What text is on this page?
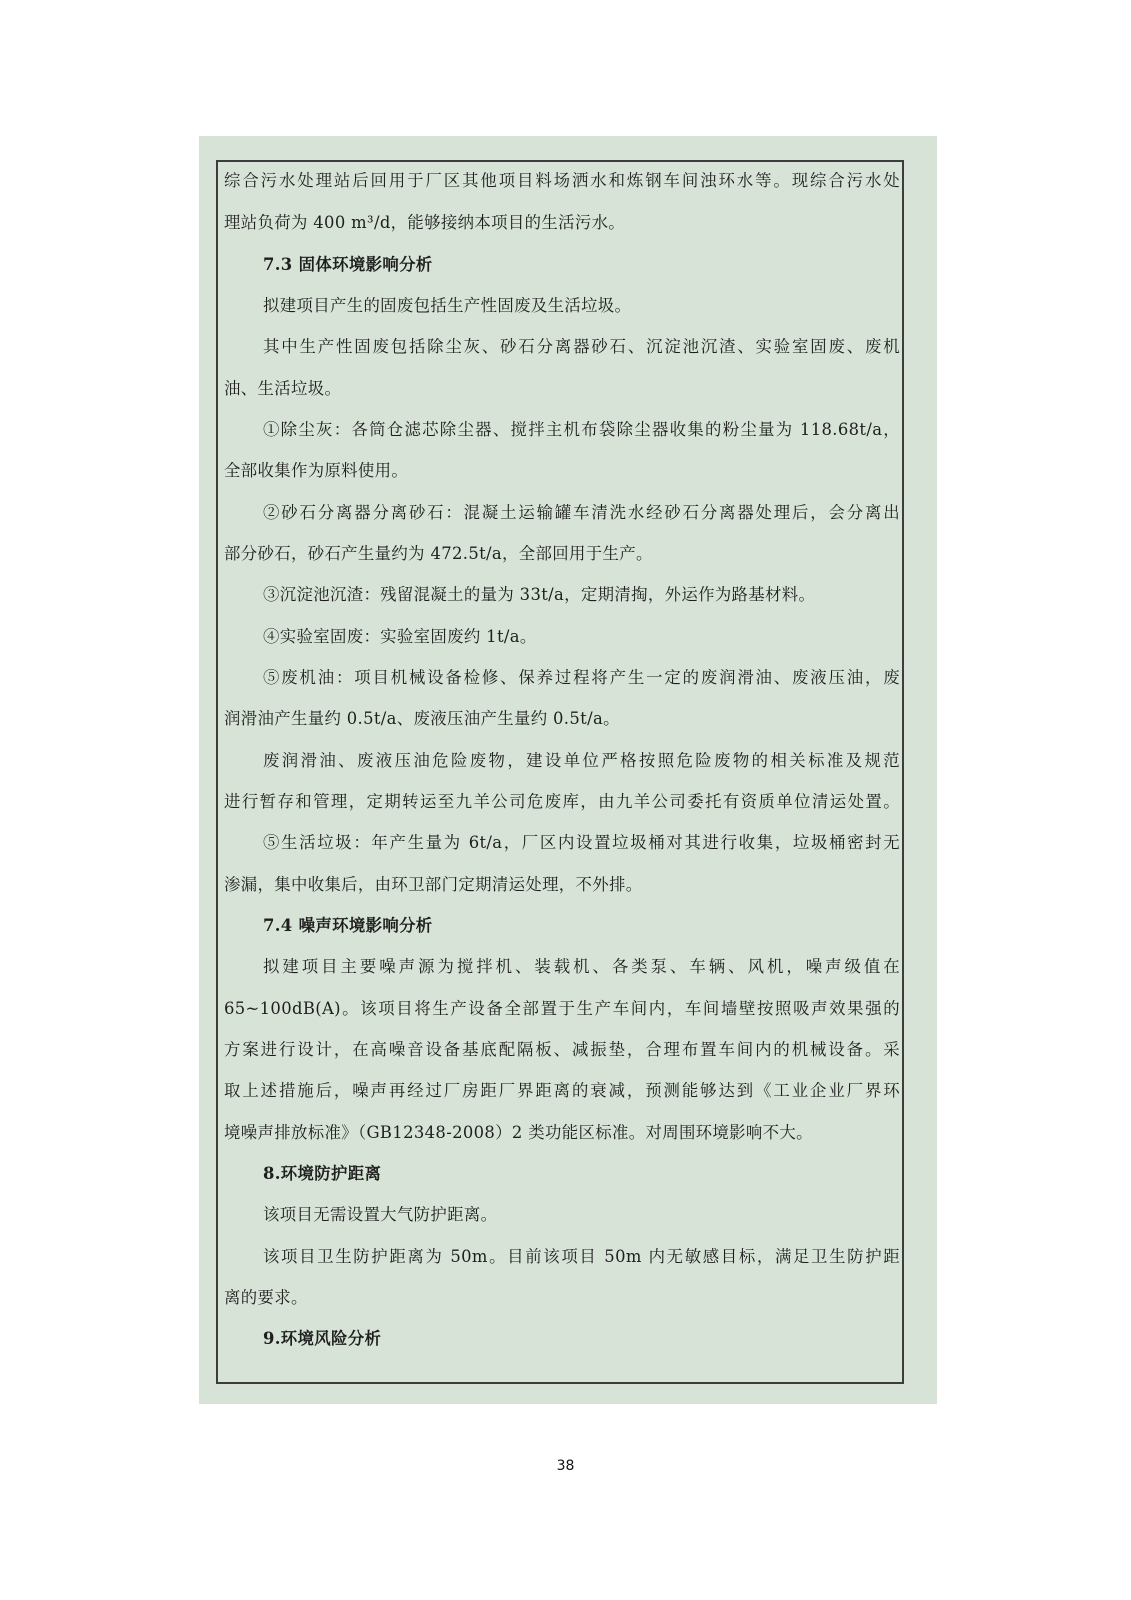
综合污水处理站后回用于厂区其他项目料场洒水和炼钢车间浊环水等。现综合污水处
理站负荷为 400 m³/d，能够接纳本项目的生活污水。
7.3 固体环境影响分析
拟建项目产生的固废包括生产性固废及生活垃圾。
其中生产性固废包括除尘灰、砂石分离器砂石、沉淀池沉渣、实验室固废、废机
油、生活垃圾。
①除尘灰：各筒仓滤芯除尘器、搅拌主机布袋除尘器收集的粉尘量为 118.68t/a，
全部收集作为原料使用。
②砂石分离器分离砂石：混凝土运输罐车清洗水经砂石分离器处理后，会分离出
部分砂石，砂石产生量约为 472.5t/a，全部回用于生产。
③沉淀池沉渣：残留混凝土的量为 33t/a，定期清掏，外运作为路基材料。
④实验室固废：实验室固废约 1t/a。
⑤废机油：项目机械设备检修、保养过程将产生一定的废润滑油、废液压油，废
润滑油产生量约 0.5t/a、废液压油产生量约 0.5t/a。
废润滑油、废液压油危险废物，建设单位严格按照危险废物的相关标准及规范
进行暂存和管理，定期转运至九羊公司危废库，由九羊公司委托有资质单位清运处置。
⑤生活垃圾：年产生量为 6t/a，厂区内设置垃圾桶对其进行收集，垃圾桶密封无
渗漏，集中收集后，由环卫部门定期清运处理，不外排。
7.4 噪声环境影响分析
拟建项目主要噪声源为搅拌机、装载机、各类泵、车辆、风机，噪声级值在
65~100dB(A)。该项目将生产设备全部置于生产车间内，车间墙壁按照吸声效果强的
方案进行设计，在高噪音设备基底配隔板、减振垫，合理布置车间内的机械设备。采
取上述措施后，噪声再经过厂房距厂界距离的衰减，预测能够达到《工业企业厂界环
境噪声排放标准》（GB12348-2008）2 类功能区标准。对周围环境影响不大。
8.环境防护距离
该项目无需设置大气防护距离。
该项目卫生防护距离为 50m。目前该项目 50m 内无敏感目标，满足卫生防护距
离的要求。
9.环境风险分析
38
